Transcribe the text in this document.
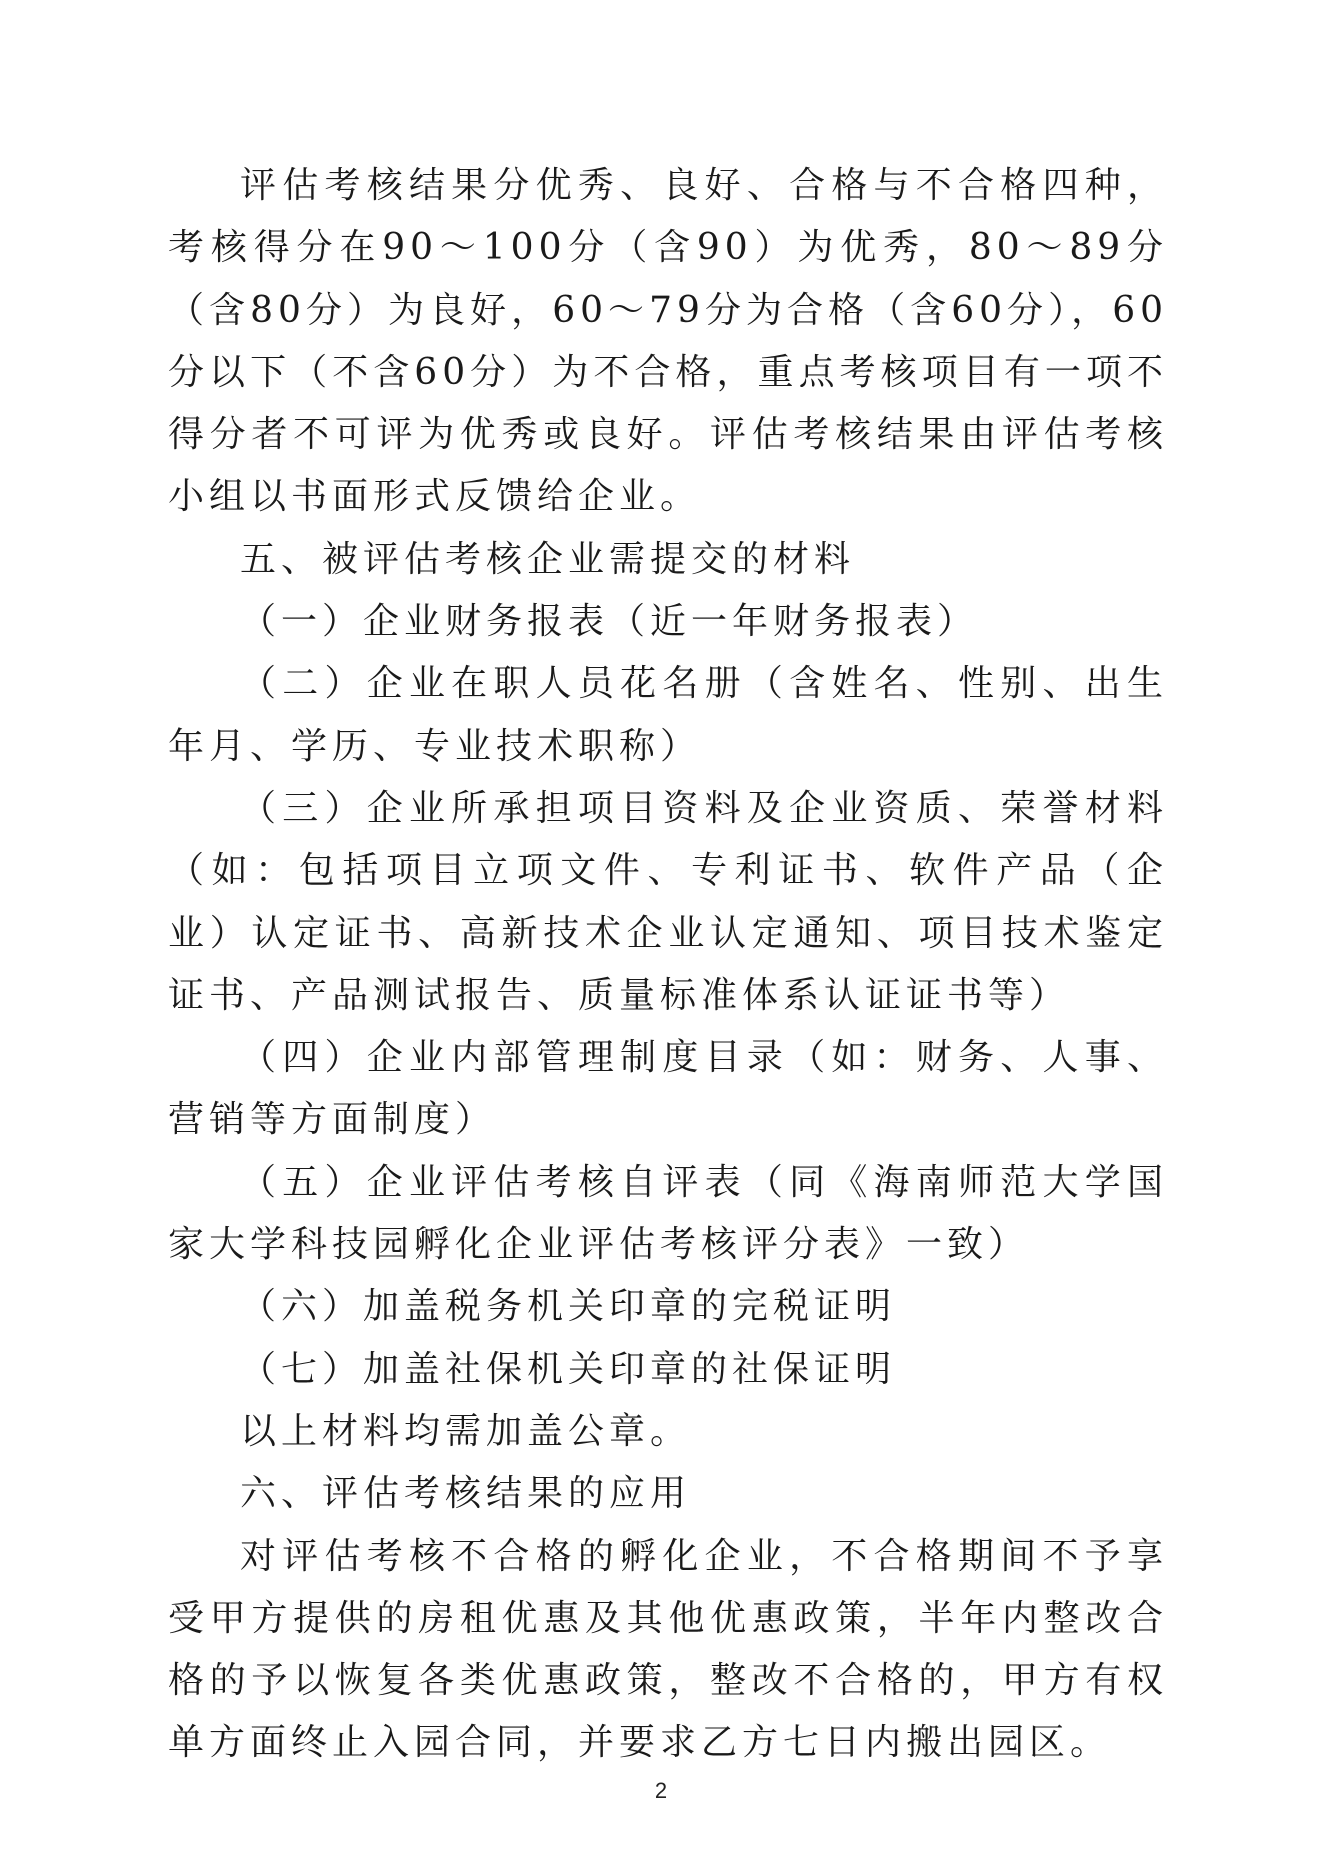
评估考核结果分优秀、良好、合格与不合格四种，考核得分在90～100分（含90）为优秀，80～89分（含80分）为良好，60～79分为合格（含60分），60分以下（不含60分）为不合格，重点考核项目有一项不得分者不可评为优秀或良好。评估考核结果由评估考核小组以书面形式反馈给企业。

五、被评估考核企业需提交的材料

（一）企业财务报表（近一年财务报表）

（二）企业在职人员花名册（含姓名、性别、出生年月、学历、专业技术职称）

（三）企业所承担项目资料及企业资质、荣誉材料（如：包括项目立项文件、专利证书、软件产品（企业）认定证书、高新技术企业认定通知、项目技术鉴定证书、产品测试报告、质量标准体系认证证书等）

（四）企业内部管理制度目录（如：财务、人事、营销等方面制度）

（五）企业评估考核自评表（同《海南师范大学国家大学科技园孵化企业评估考核评分表》一致）

（六）加盖税务机关印章的完税证明

（七）加盖社保机关印章的社保证明

以上材料均需加盖公章。

六、评估考核结果的应用

对评估考核不合格的孵化企业，不合格期间不予享受甲方提供的房租优惠及其他优惠政策，半年内整改合格的予以恢复各类优惠政策，整改不合格的，甲方有权单方面终止入园合同，并要求乙方七日内搬出园区。

2
